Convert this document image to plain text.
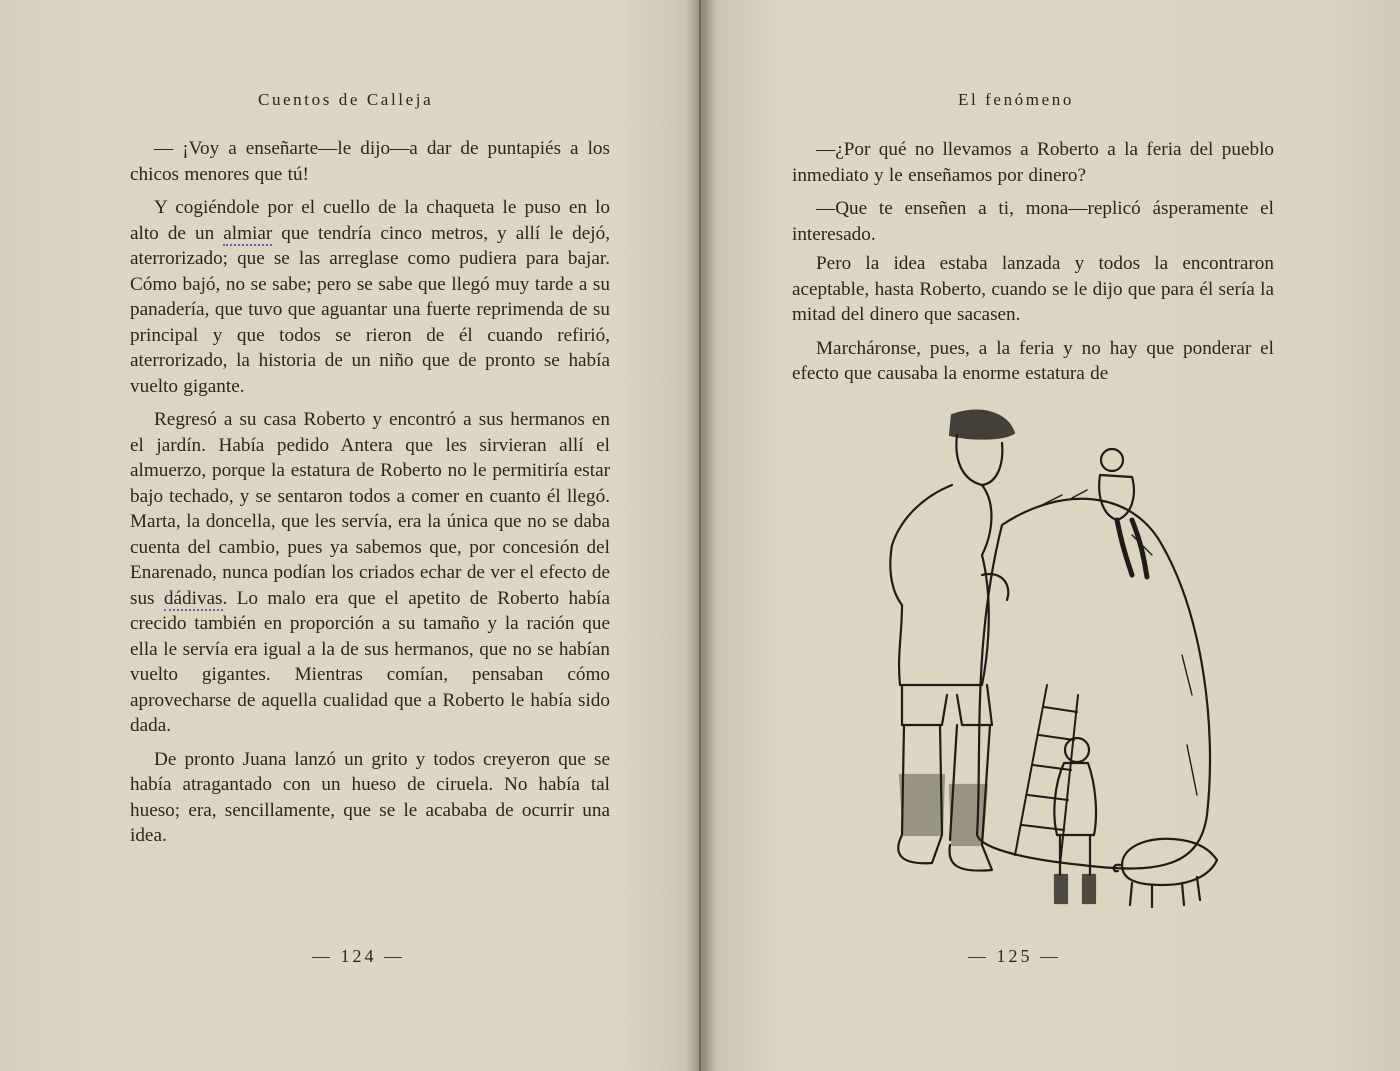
Cuentos de Calleja

— ¡Voy a enseñarte—le dijo—a dar de puntapiés a los chicos menores que tú!

Y cogiéndole por el cuello de la chaqueta le puso en lo alto de un almiar que tendría cinco metros, y allí le dejó, aterrorizado; que se las arreglase como pudiera para bajar. Cómo bajó, no se sabe; pero se sabe que llegó muy tarde a su panadería, que tuvo que aguantar una fuerte reprimenda de su principal y que todos se rieron de él cuando refirió, aterrorizado, la historia de un niño que de pronto se había vuelto gigante.

Regresó a su casa Roberto y encontró a sus hermanos en el jardín. Había pedido Antera que les sirvieran allí el almuerzo, porque la estatura de Roberto no le permitiría estar bajo techado, y se sentaron todos a comer en cuanto él llegó. Marta, la doncella, que les servía, era la única que no se daba cuenta del cambio, pues ya sabemos que, por concesión del Enarenado, nunca podían los criados echar de ver el efecto de sus dádivas. Lo malo era que el apetito de Roberto había crecido también en proporción a su tamaño y la ración que ella le servía era igual a la de sus hermanos, que no se habían vuelto gigantes. Mientras comían, pensaban cómo aprovecharse de aquella cualidad que a Roberto le había sido dada.

De pronto Juana lanzó un grito y todos creyeron que se había atragantado con un hueso de ciruela. No había tal hueso; era, sencillamente, que se le acababa de ocurrir una idea.

— 124 —
El fenómeno

—¿Por qué no llevamos a Roberto a la feria del pueblo inmediato y le enseñamos por dinero?

—Que te enseñen a ti, mona—replicó ásperamente el interesado.

Pero la idea estaba lanzada y todos la encontraron aceptable, hasta Roberto, cuando se le dijo que para él sería la mitad del dinero que sacasen.

Marcháronse, pues, a la feria y no hay que ponderar el efecto que causaba la enorme estatura de

— 125 —
